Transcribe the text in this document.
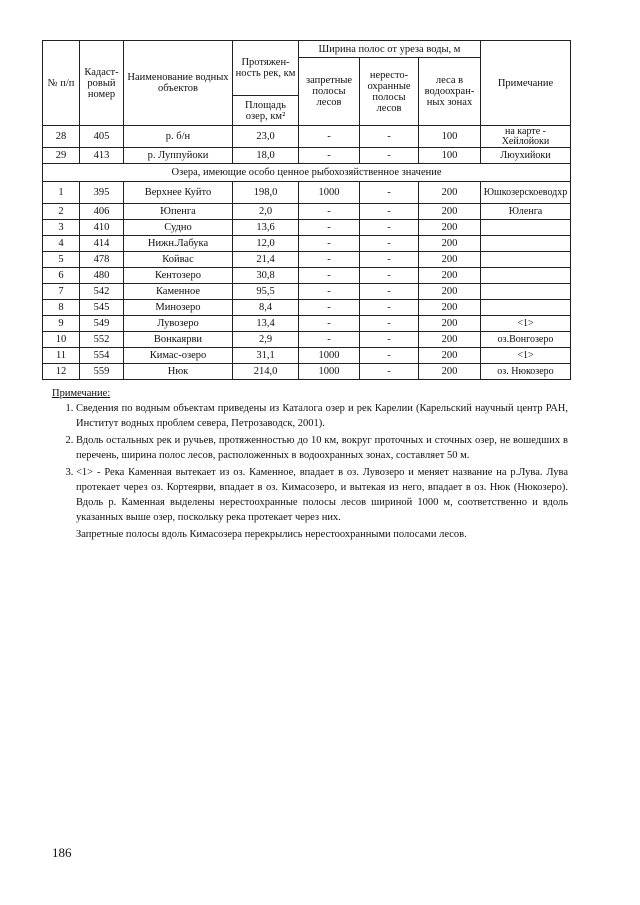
№ п/п	Кадаст-ровый номер	Наименование водных объектов	Протяжен-ность рек, км	Ширина полос от уреза воды, м			Примечание
				запретные полосы лесов	нересто-охранные полосы лесов	леса в водоохран-ных зонах	
			Площадь озер, км²				
28	405	р. б/н	23,0	-	-	100	на карте - Хейлойоки
29	413	р. Луппуйоки	18,0	-	-	100	Люухийоки
Озера, имеющие особо ценное рыбохозяйственное значение							
1	395	Верхнее Куйто	198,0	1000	-	200	Юшкозерскоеводхр
2	406	Юпенга	2,0	-	-	200	Юленга
3	410	Судно	13,6	-	-	200	
4	414	Нижн.Лабука	12,0	-	-	200	
5	478	Койвас	21,4	-	-	200	
6	480	Кентозеро	30,8	-	-	200	
7	542	Каменное	95,5	-	-	200	
8	545	Минозеро	8,4	-	-	200	
9	549	Лувозеро	13,4	-	-	200	<1>
10	552	Вонкаярви	2,9	-	-	200	оз.Вонгозеро
11	554	Кимас-озеро	31,1	1000	-	200	<1>
12	559	Нюк	214,0	1000	-	200	оз. Нюкозеро
Примечание:
1. Сведения по водным объектам приведены из Каталога озер и рек Карелии (Карельский научный центр РАН, Институт водных проблем севера, Петрозаводск, 2001).
2. Вдоль остальных рек и ручьев, протяженностью до 10 км, вокруг проточных и сточных озер, не вошедших в перечень, ширина полос лесов, расположенных в водоохранных зонах, составляет 50 м.
3. <1> - Река Каменная вытекает из оз. Каменное, впадает в оз. Лувозеро и меняет название на р.Лува. Лува протекает через оз. Кортеярви, впадает в оз. Кимасозеро, и вытекая из него, впадает в оз. Нюк (Нюкозеро). Вдоль р. Каменная выделены нерестоохранные полосы лесов шириной 1000 м, соответственно и вдоль указанных выше озер, поскольку река протекает через них.
Запретные полосы вдоль Кимасозера перекрылись нерестоохранными полосами лесов.
186
